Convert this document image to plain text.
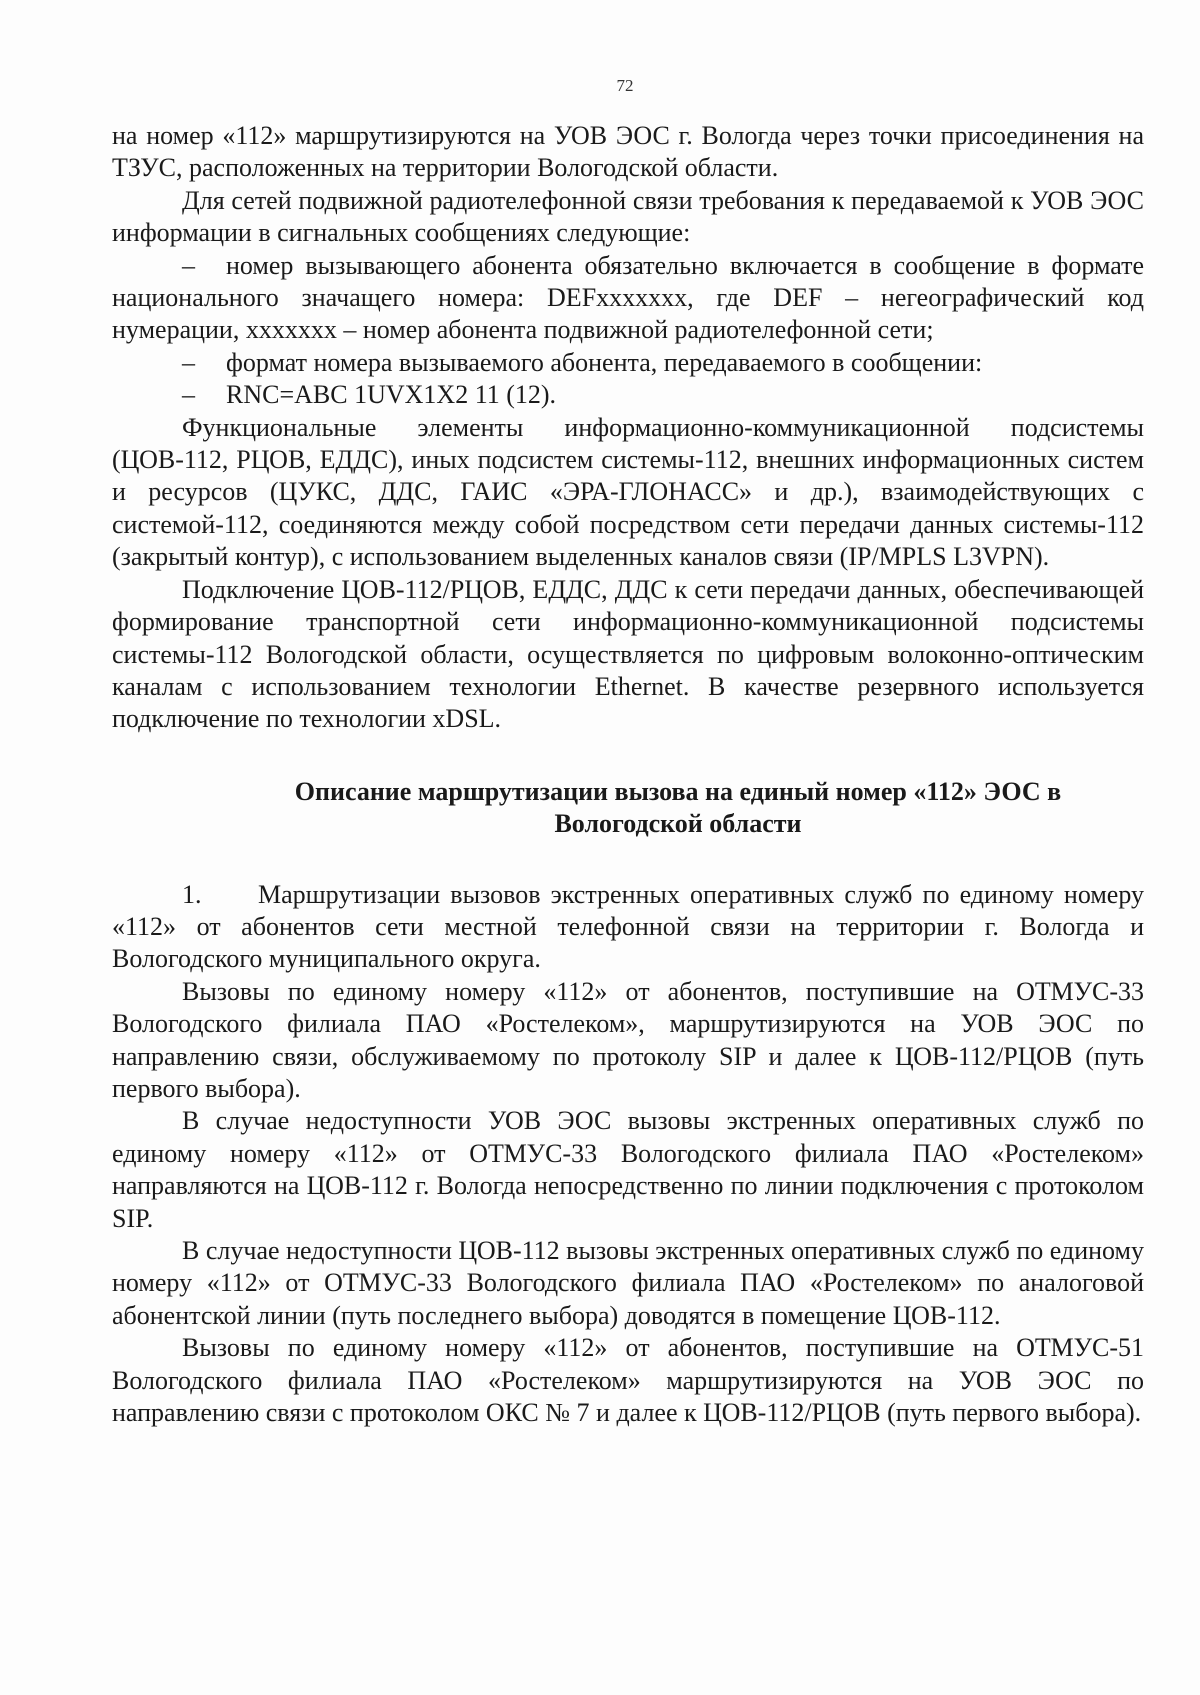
72

на номер «112» маршрутизируются на УОВ ЭОС г. Вологда через точки присоединения на ТЗУС, расположенных на территории Вологодской области.

Для сетей подвижной радиотелефонной связи требования к передаваемой к УОВ ЭОС информации в сигнальных сообщениях следующие:

– номер вызывающего абонента обязательно включается в сообщение в формате национального значащего номера: DEFxxxxxxx, где DEF – негеографический код нумерации, xxxxxxx – номер абонента подвижной радиотелефонной сети;

– формат номера вызываемого абонента, передаваемого в сообщении:

– RNC=ABC 1UVX1X2 11 (12).

Функциональные элементы информационно-коммуникационной подсистемы (ЦОВ-112, РЦОВ, ЕДДС), иных подсистем системы-112, внешних информационных систем и ресурсов (ЦУКС, ДДС, ГАИС «ЭРА-ГЛОНАСС» и др.), взаимодействующих с системой-112, соединяются между собой посредством сети передачи данных системы-112 (закрытый контур), с использованием выделенных каналов связи (IP/MPLS L3VPN).

Подключение ЦОВ-112/РЦОВ, ЕДДС, ДДС к сети передачи данных, обеспечивающей формирование транспортной сети информационно-коммуникационной подсистемы системы-112 Вологодской области, осуществляется по цифровым волоконно-оптическим каналам с использованием технологии Ethernet. В качестве резервного используется подключение по технологии xDSL.

Описание маршрутизации вызова на единый номер «112» ЭОС в Вологодской области

1. Маршрутизации вызовов экстренных оперативных служб по единому номеру «112» от абонентов сети местной телефонной связи на территории г. Вологда и Вологодского муниципального округа.

Вызовы по единому номеру «112» от абонентов, поступившие на ОТМУС-33 Вологодского филиала ПАО «Ростелеком», маршрутизируются на УОВ ЭОС по направлению связи, обслуживаемому по протоколу SIP и далее к ЦОВ-112/РЦОВ (путь первого выбора).

В случае недоступности УОВ ЭОС вызовы экстренных оперативных служб по единому номеру «112» от ОТМУС-33 Вологодского филиала ПАО «Ростелеком» направляются на ЦОВ-112 г. Вологда непосредственно по линии подключения с протоколом SIP.

В случае недоступности ЦОВ-112 вызовы экстренных оперативных служб по единому номеру «112» от ОТМУС-33 Вологодского филиала ПАО «Ростелеком» по аналоговой абонентской линии (путь последнего выбора) доводятся в помещение ЦОВ-112.

Вызовы по единому номеру «112» от абонентов, поступившие на ОТМУС-51 Вологодского филиала ПАО «Ростелеком» маршрутизируются на УОВ ЭОС по направлению связи с протоколом ОКС № 7 и далее к ЦОВ-112/РЦОВ (путь первого выбора).
